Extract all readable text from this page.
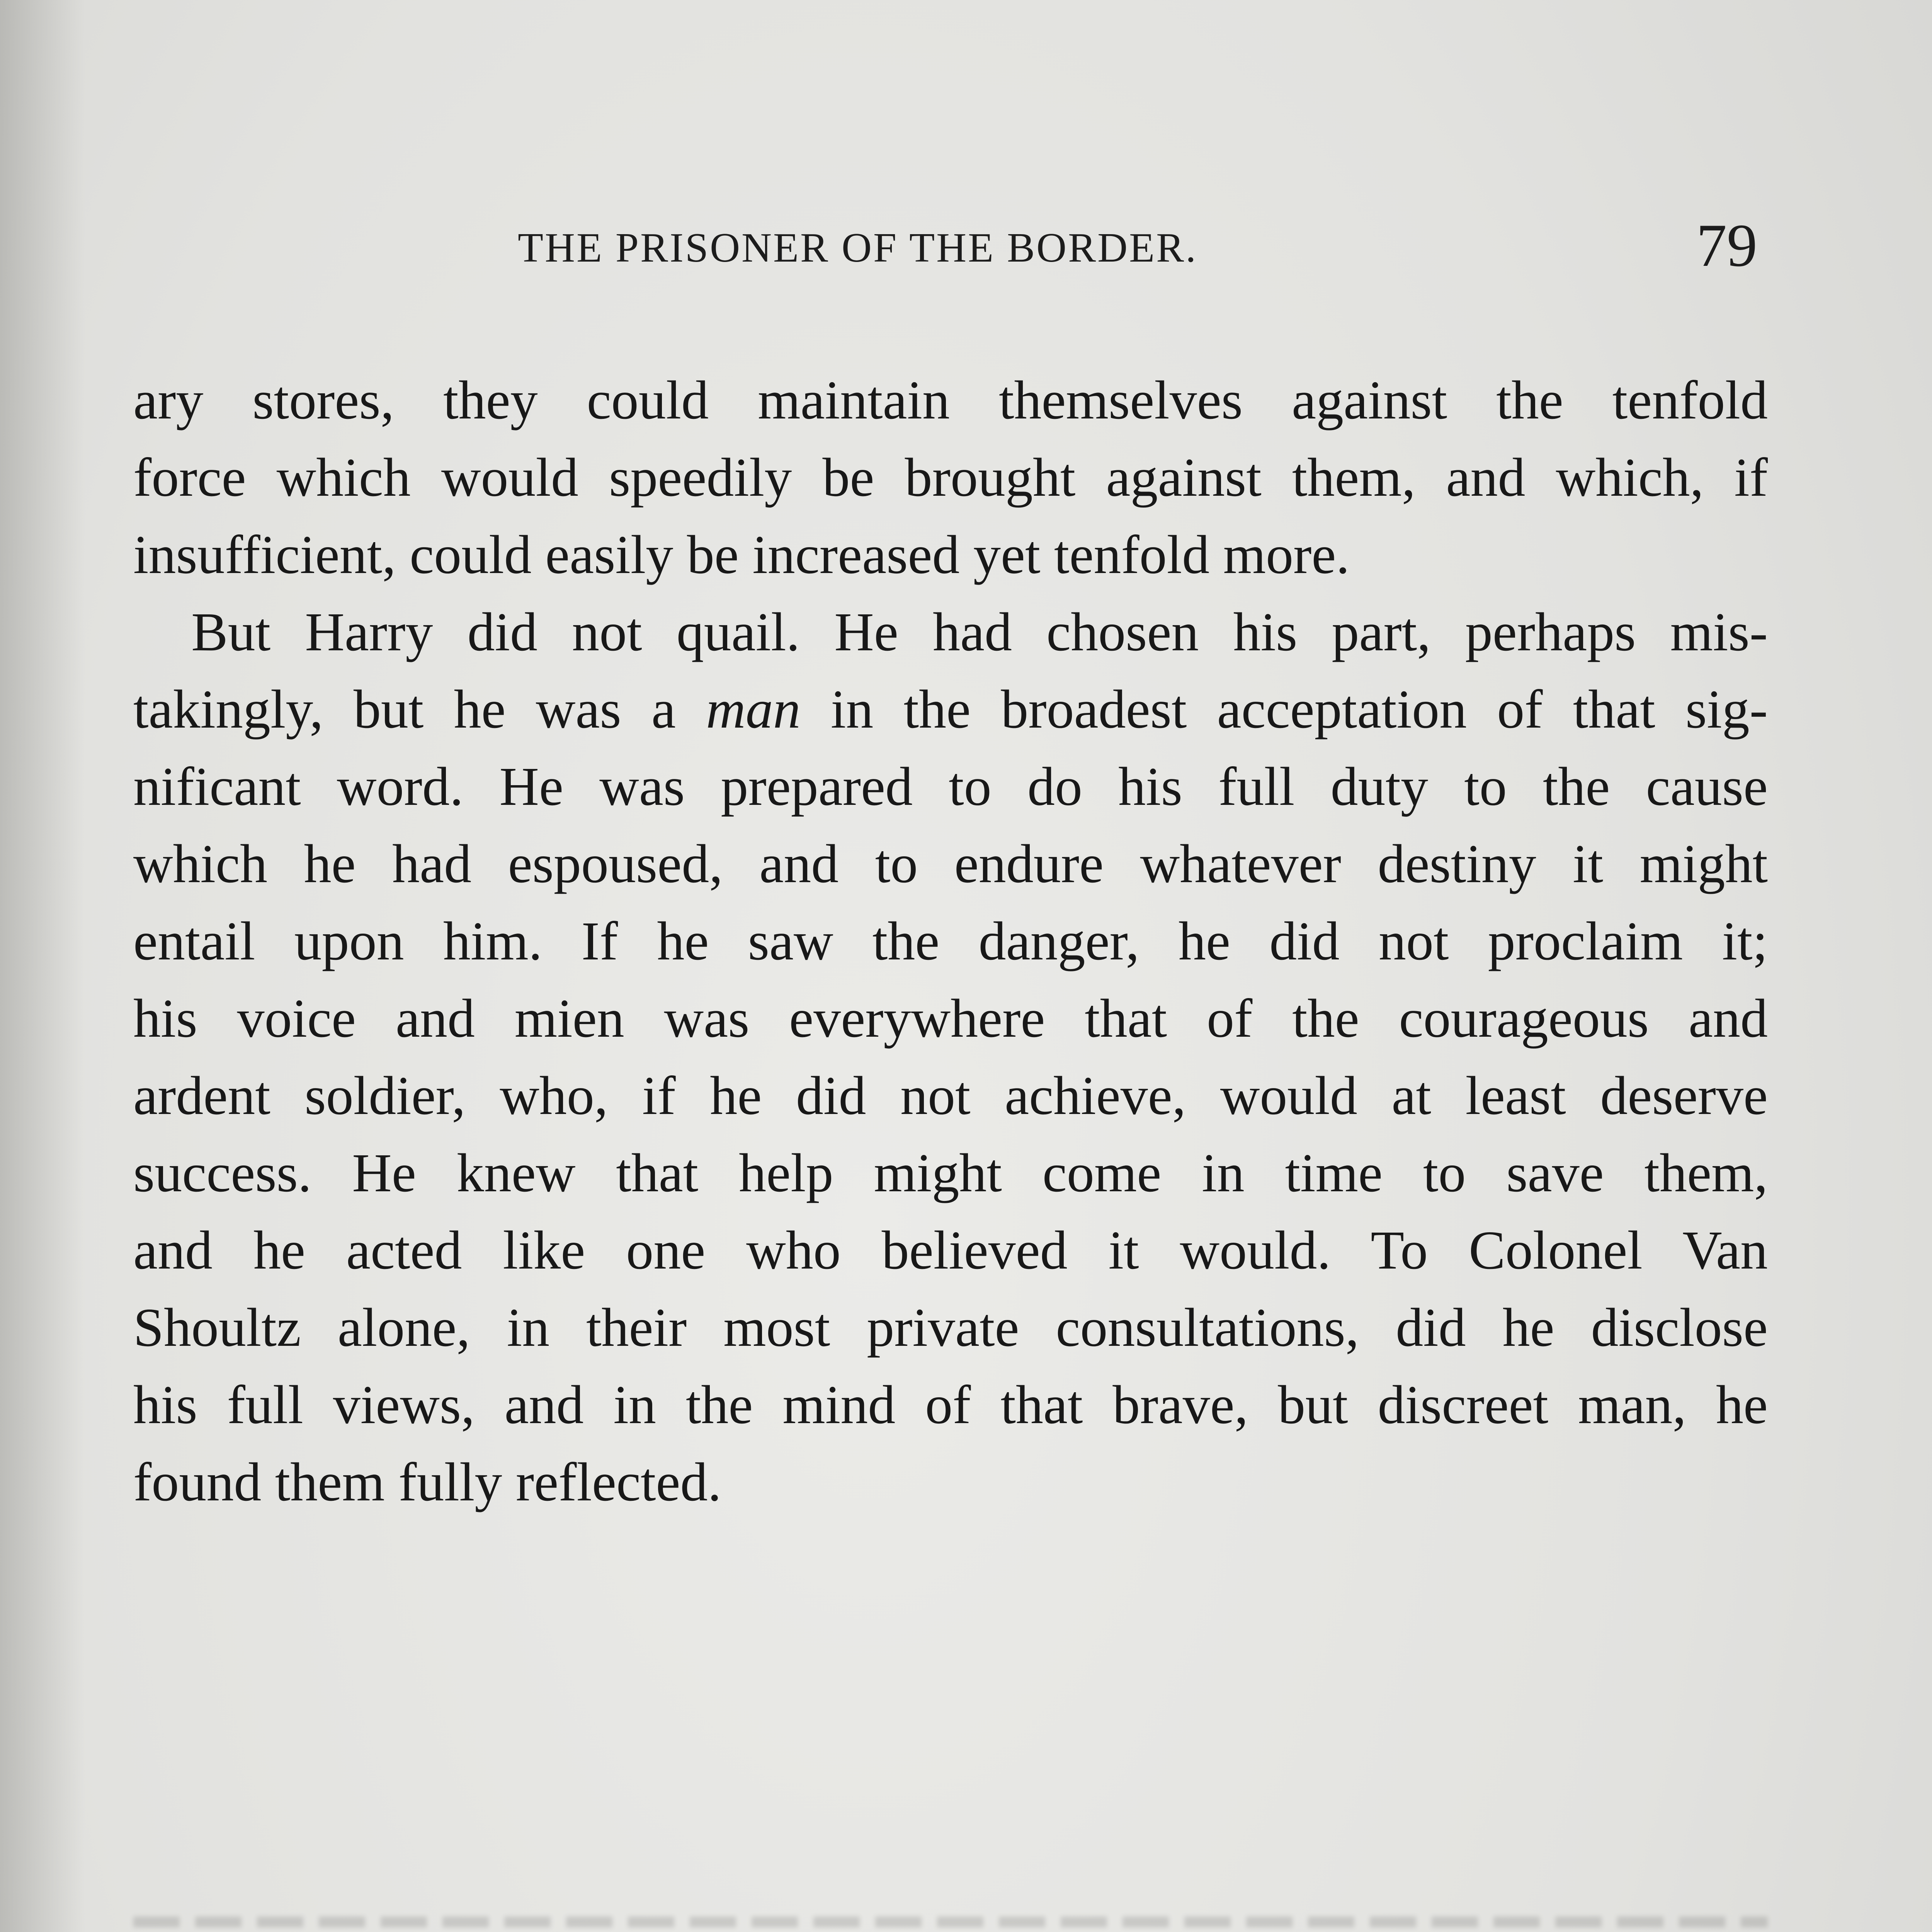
THE PRISONER OF THE BORDER.	79
ary stores, they could maintain themselves against the tenfold
force which would speedily be brought against them, and which, if
insufficient, could easily be increased yet tenfold more.
But Harry did not quail. He had chosen his part, perhaps mis-
takingly, but he was a man in the broadest acceptation of that sig-
nificant word. He was prepared to do his full duty to the cause
which he had espoused, and to endure whatever destiny it might
entail upon him. If he saw the danger, he did not proclaim it;
his voice and mien was everywhere that of the courageous and
ardent soldier, who, if he did not achieve, would at least deserve
success. He knew that help might come in time to save them,
and he acted like one who believed it would. To Colonel Van
Shoultz alone, in their most private consultations, did he disclose
his full views, and in the mind of that brave, but discreet man, he
found them fully reflected.
